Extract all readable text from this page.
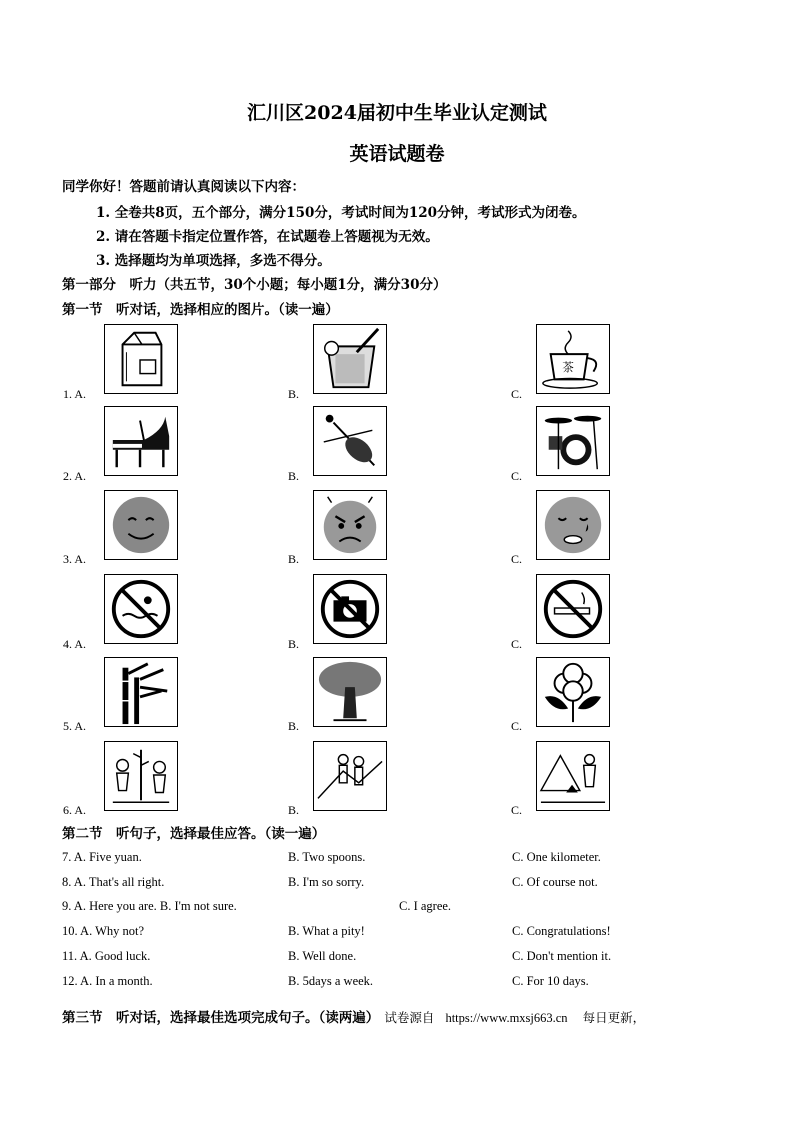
汇川区2024届初中生毕业认定测试
英语试题卷
同学你好！答题前请认真阅读以下内容：
1. 全卷共8页，五个部分，满分150分，考试时间为120分钟，考试形式为闭卷。
2. 请在答题卡指定位置作答，在试题卷上答题视为无效。
3. 选择题均为单项选择，多选不得分。
第一部分　听力（共五节，30个小题；每小题1分，满分30分）
第一节　听对话，选择相应的图片。（读一遍）
1. A.	B.	C.
茶
2. A.	B.	C.
3. A.	B.	C.
4. A.	B.	C.
5. A.	B.	C.
6. A.	B.	C.
第二节　听句子，选择最佳应答。（读一遍）
7. A. Five yuan.	B. Two spoons.	C. One kilometer.
8. A. That's all right.	B. I'm so sorry.	C. Of course not.
9. A. Here you are. B. I'm not sure.	C. I agree.
10. A. Why not?	B. What a pity!	C. Congratulations!
11. A. Good luck.	B. Well done.	C. Don't mention it.
12. A. In a month.	B. 5days a week.	C. For 10 days.
第三节　听对话，选择最佳选项完成句子。（读两遍） 试卷源自 https://www.mxsj663.cn 每日更新，
